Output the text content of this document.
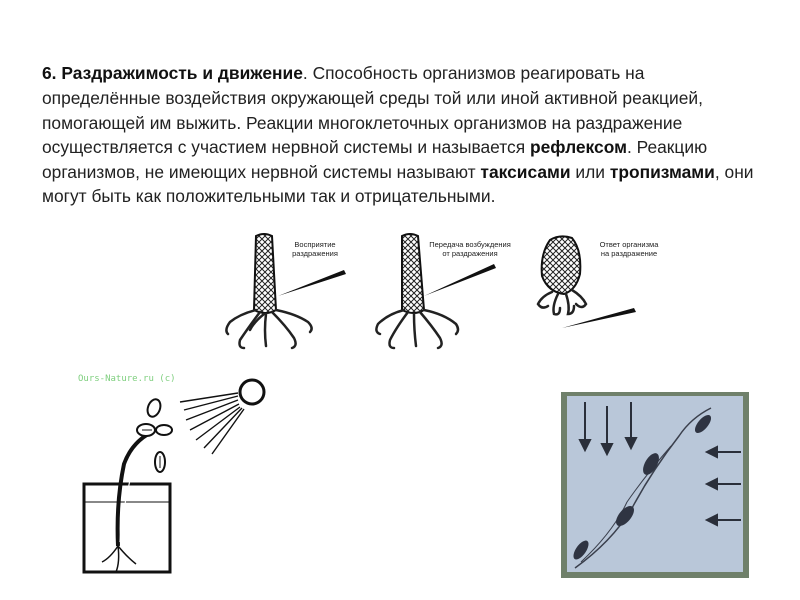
6. Раздражимость и движение. Способность организмов реагировать на определённые воздействия окружающей среды той или иной активной реакцией, помогающей им выжить. Реакции многоклеточных организмов на раздражение осуществляется с участием нервной системы и называется рефлексом. Реакцию организмов, не имеющих нервной системы называют таксисами или тропизмами, они могут быть как положительными так и отрицательными.

Восприятие раздражения
Передача возбуждения от раздражения
Ответ организма на раздражение
Ours-Nature.ru (c)
